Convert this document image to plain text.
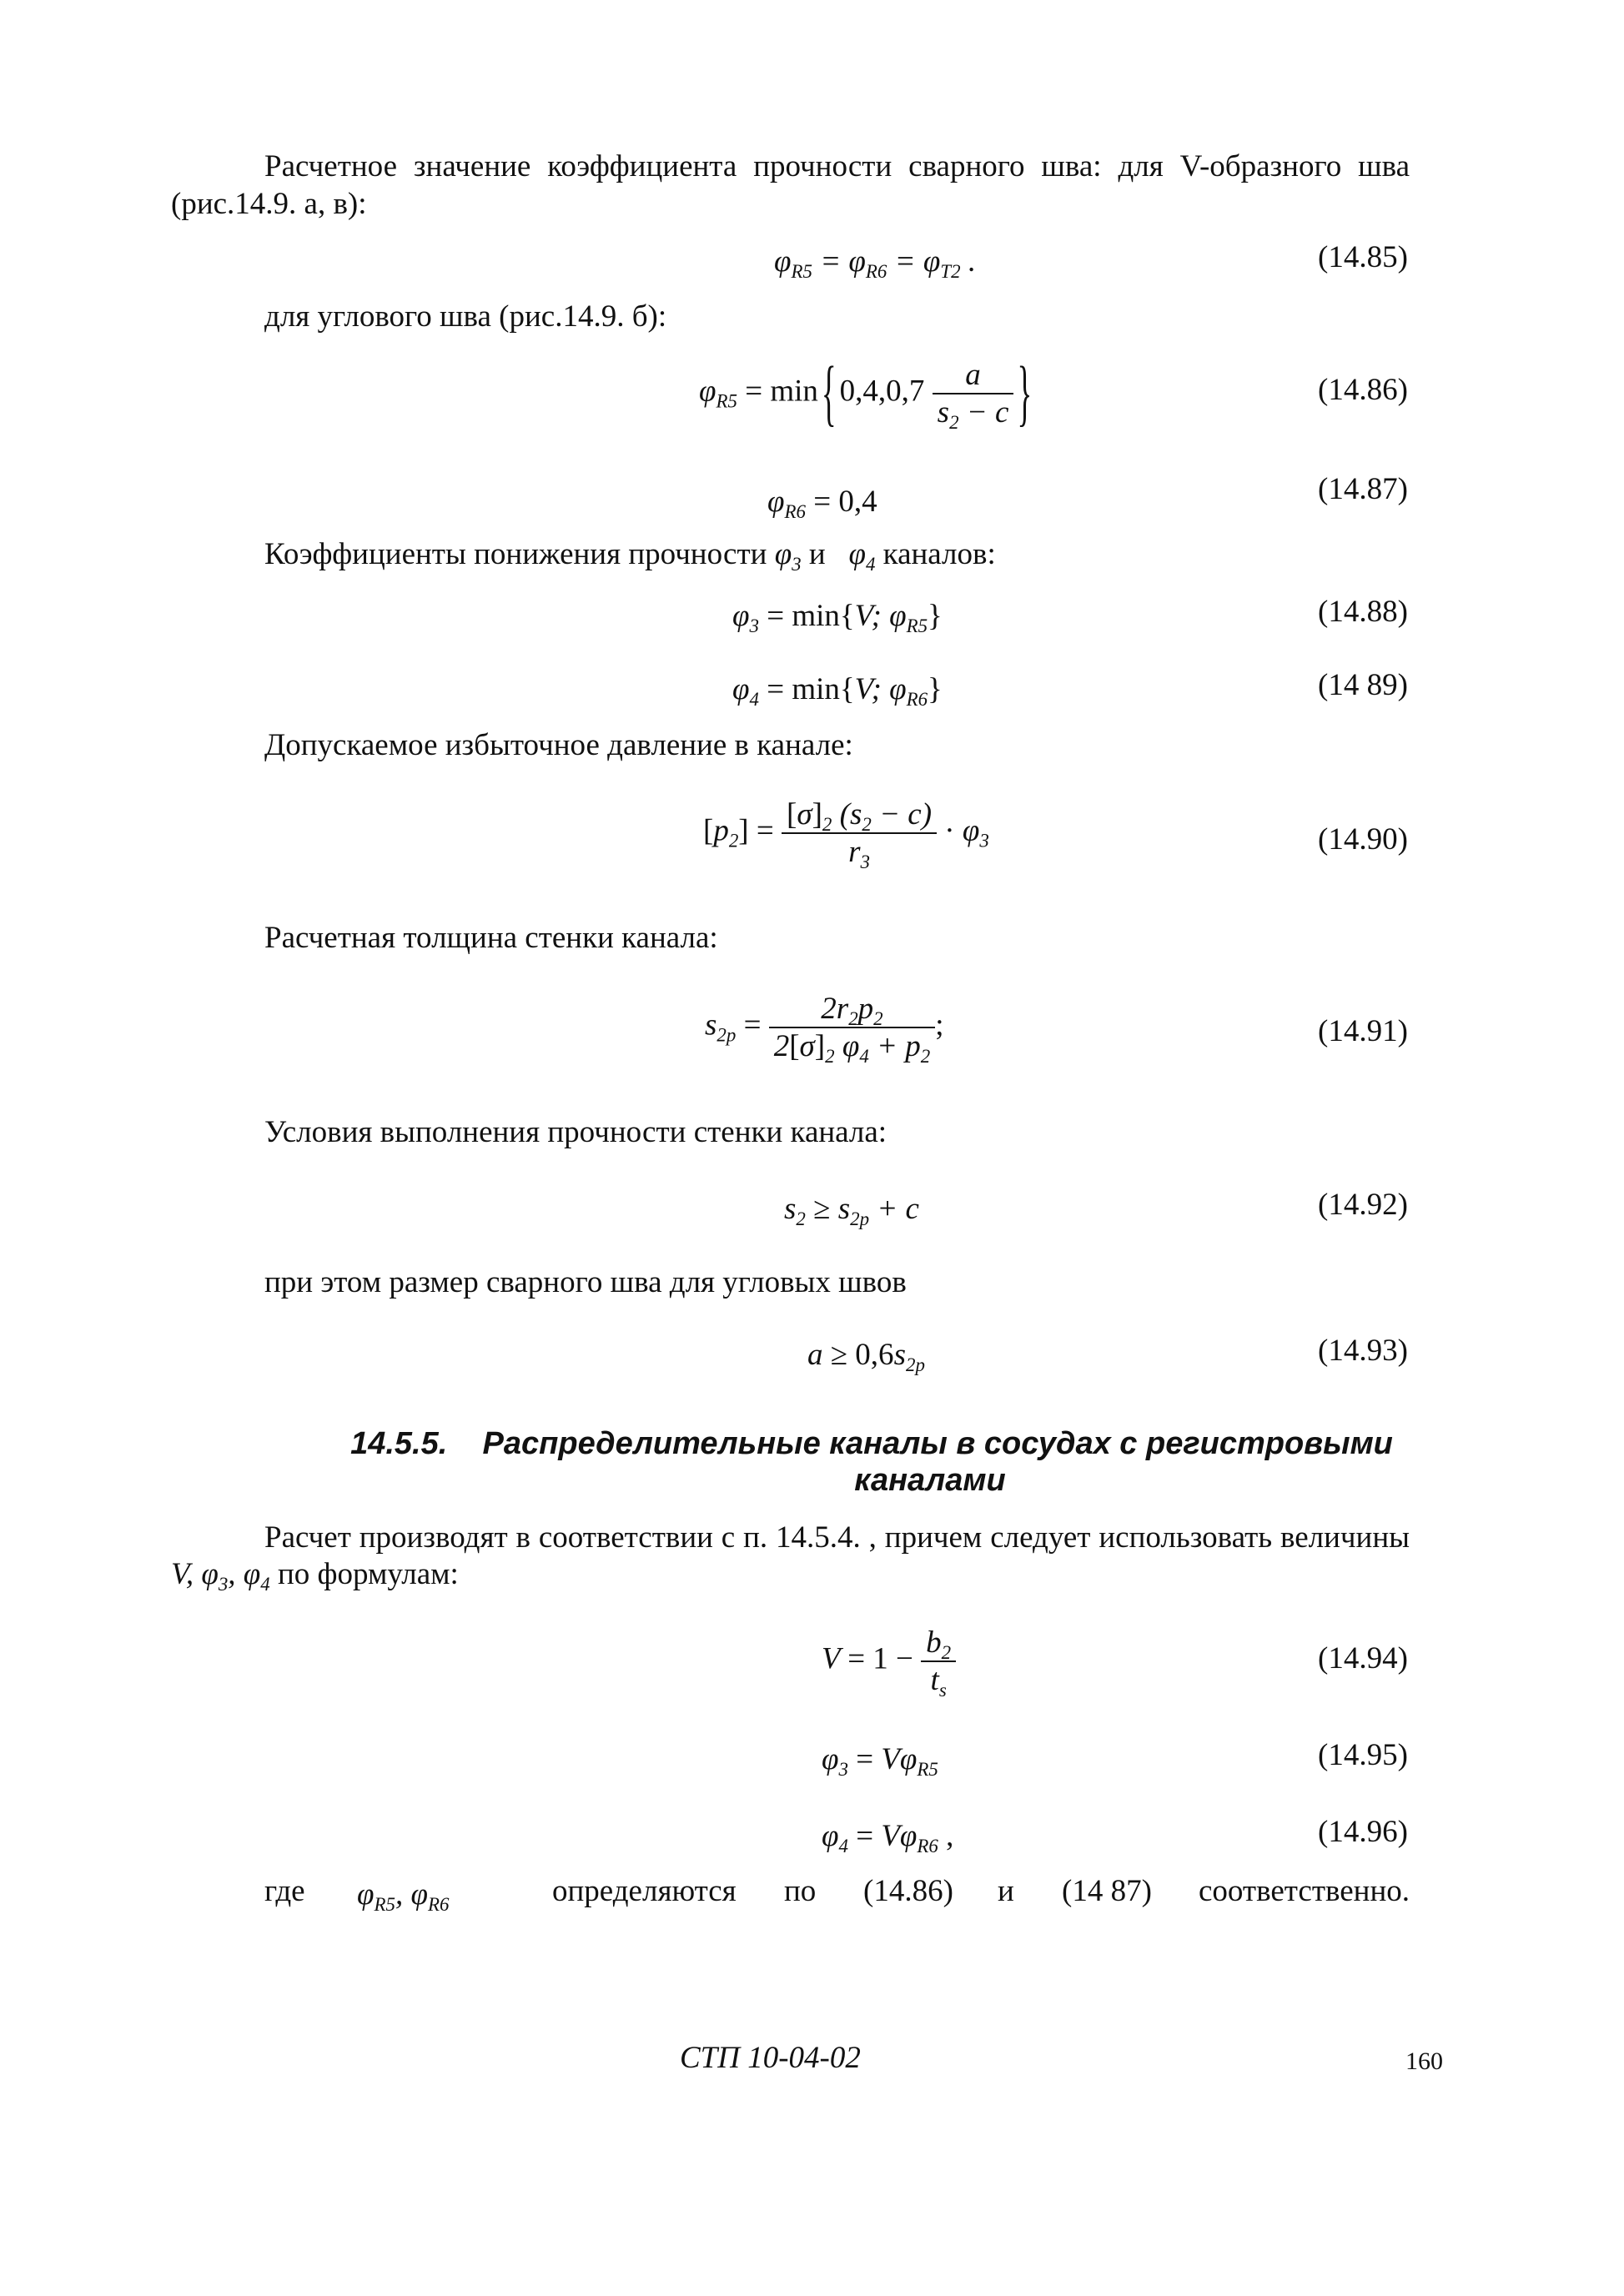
Расчетное значение коэффициента прочности сварного шва: для V-образного шва
(рис.14.9. а, в):
$\varphi_{R5} = \varphi_{R6} = \varphi_{T2}$ .	(14.85)
для углового шва (рис.14.9. б):
$\varphi_{R5} = \min$ { $0,4,0,7 \frac{a}{s_2 - c}$ }	(14.86)
$\varphi_{R6} = 0,4$	(14.87)
Коэффициенты понижения прочности $\varphi_3$ и $\varphi_4$ каналов:
$\varphi_3 = \min\{V$; $\varphi_{R5}$}	(14.88)
$\varphi_4 = \min\{V$; $\varphi_{R6}$}	(14 89)
Допускаемое избыточное давление в канале:
$[p_2] = \frac{[\sigma]_2 (s_2 - c)}{r_3} \cdot \varphi_3$	(14.90)
Расчетная толщина стенки канала:
$s_{2p} = \frac{2r_2p_2}{2[\sigma]_2 \varphi_4 + p_2}$ ;	(14.91)
Условия выполнения прочности стенки канала:
$s_2 \ge s_{2p} + c$	(14.92)
при этом размер сварного шва для угловых швов
$a \ge 0,6s_{2p}$	(14.93)
14.5.5. Распределительные каналы в сосудах с регистровыми
каналами
Расчет производят в соответствии с п. 14.5.4. , причем следует использовать величины
V, $\varphi_3$, $\varphi_4$ по формулам:
$V = 1 - \frac{b_2}{t_s}$	(14.94)
$\varphi_3 = V\varphi_{R5}$	(14.95)
$\varphi_4 = V\varphi_{R6}$ ,	(14.96)
где $\varphi_{R5}$, $\varphi_{R6}$	определяются по (14.86) и (14 87) соответственно.
СТП 10-04-02	160
